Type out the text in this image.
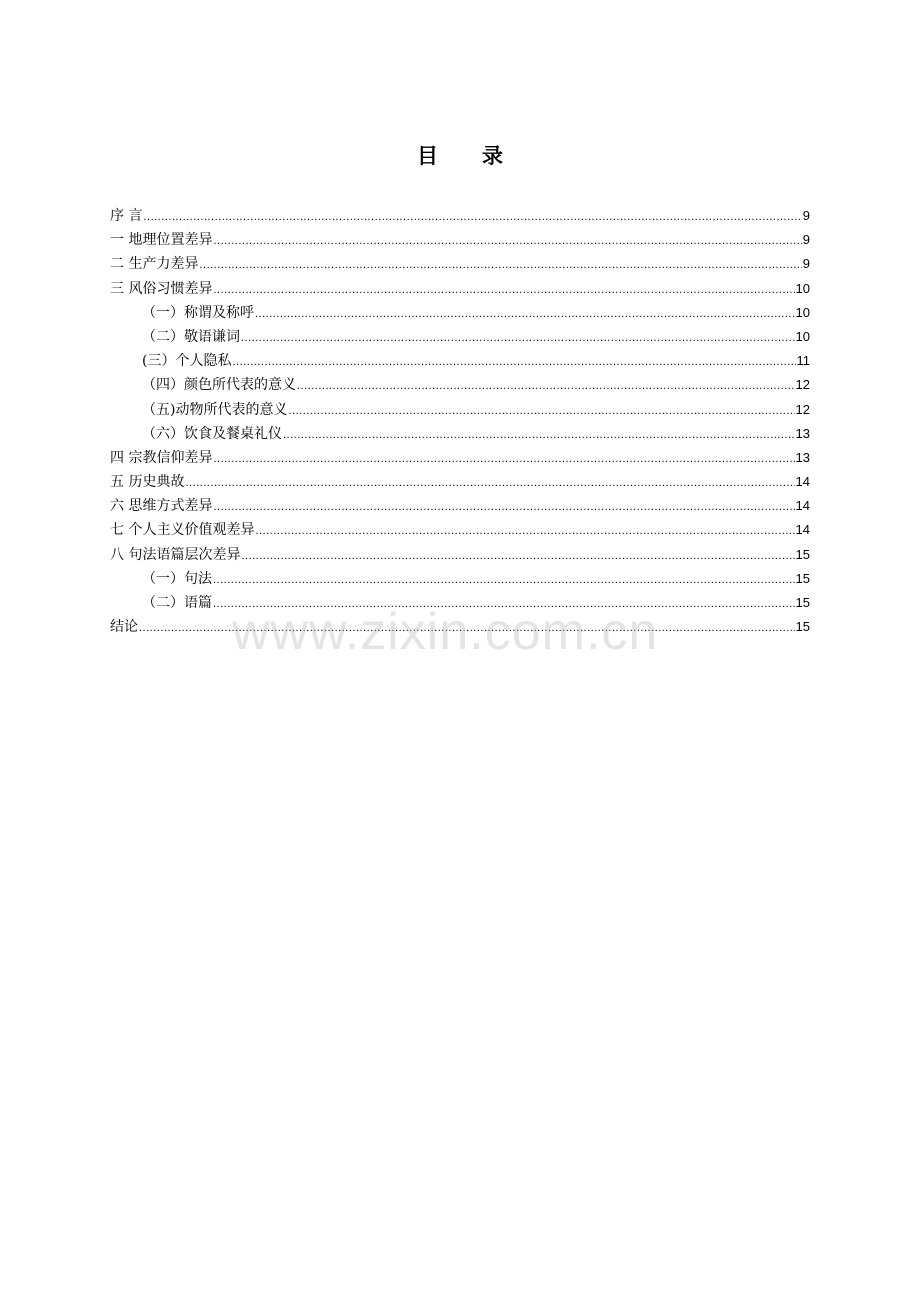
目 录
序 言 .....	9
一 地理位置差异 .....	9
二 生产力差异 .....	9
三 风俗习惯差异 .....	10
（一）称谓及称呼 .....	10
（二）敬语谦词 .....	10
(三）个人隐私 .....	11
（四）颜色所代表的意义 .....	12
（五)动物所代表的意义 .....	12
（六）饮食及餐桌礼仪 .....	13
四 宗教信仰差异 .....	13
五 历史典故 .....	14
六 思维方式差异 .....	14
七 个人主义价值观差异 .....	14
八 句法语篇层次差异 .....	15
（一）句法 .....	15
（二）语篇 .....	15
结论 .....	15
www.zixin.com.cn
